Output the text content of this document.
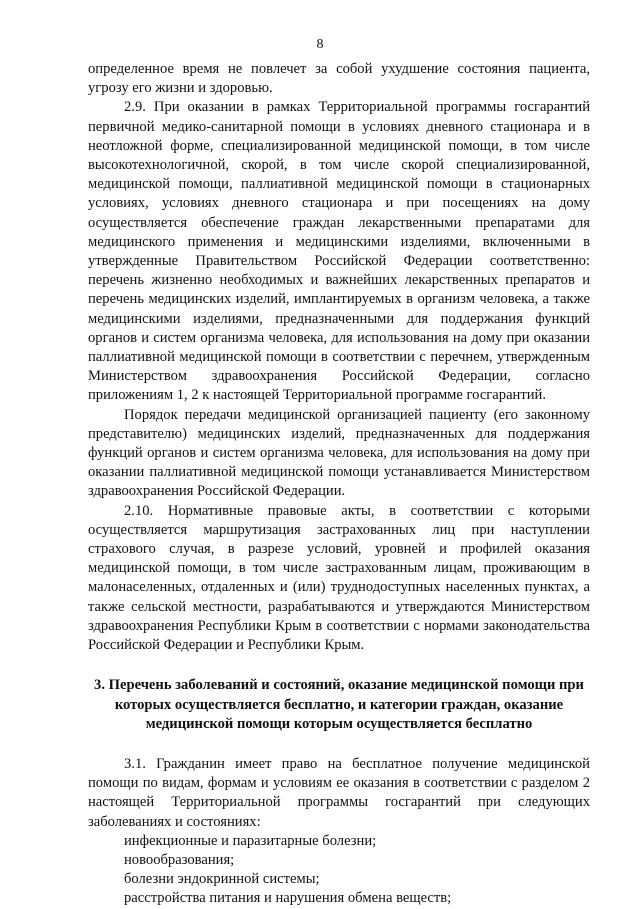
8

определенное время не повлечет за собой ухудшение состояния пациента, угрозу его жизни и здоровью.

2.9. При оказании в рамках Территориальной программы госгарантий первичной медико-санитарной помощи в условиях дневного стационара и в неотложной форме, специализированной медицинской помощи, в том числе высокотехнологичной, скорой, в том числе скорой специализированной, медицинской помощи, паллиативной медицинской помощи в стационарных условиях, условиях дневного стационара и при посещениях на дому осуществляется обеспечение граждан лекарственными препаратами для медицинского применения и медицинскими изделиями, включенными в утвержденные Правительством Российской Федерации соответственно: перечень жизненно необходимых и важнейших лекарственных препаратов и перечень медицинских изделий, имплантируемых в организм человека, а также медицинскими изделиями, предназначенными для поддержания функций органов и систем организма человека, для использования на дому при оказании паллиативной медицинской помощи в соответствии с перечнем, утвержденным Министерством здравоохранения Российской Федерации, согласно приложениям 1, 2 к настоящей Территориальной программе госгарантий.

Порядок передачи медицинской организацией пациенту (его законному представителю) медицинских изделий, предназначенных для поддержания функций органов и систем организма человека, для использования на дому при оказании паллиативной медицинской помощи устанавливается Министерством здравоохранения Российской Федерации.

2.10. Нормативные правовые акты, в соответствии с которыми осуществляется маршрутизация застрахованных лиц при наступлении страхового случая, в разрезе условий, уровней и профилей оказания медицинской помощи, в том числе застрахованным лицам, проживающим в малонаселенных, отдаленных и (или) труднодоступных населенных пунктах, а также сельской местности, разрабатываются и утверждаются Министерством здравоохранения Республики Крым в соответствии с нормами законодательства Российской Федерации и Республики Крым.

3. Перечень заболеваний и состояний, оказание медицинской помощи при которых осуществляется бесплатно, и категории граждан, оказание медицинской помощи которым осуществляется бесплатно

3.1. Гражданин имеет право на бесплатное получение медицинской помощи по видам, формам и условиям ее оказания в соответствии с разделом 2 настоящей Территориальной программы госгарантий при следующих заболеваниях и состояниях:

инфекционные и паразитарные болезни;
новообразования;
болезни эндокринной системы;
расстройства питания и нарушения обмена веществ;
